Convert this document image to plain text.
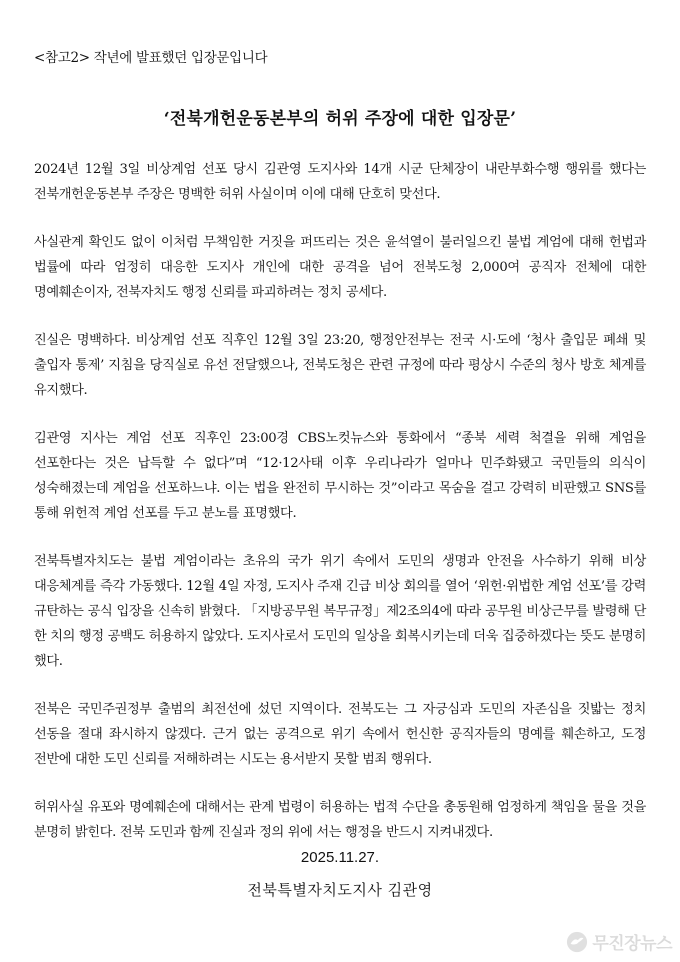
<참고2> 작년에 발표했던 입장문입니다
‘전북개헌운동본부의 허위 주장에 대한 입장문’

2024년 12월 3일 비상계엄 선포 당시 김관영 도지사와 14개 시군 단체장이 내란부화수행 행위를 했다는 전북개헌운동본부 주장은 명백한 허위 사실이며 이에 대해 단호히 맞선다.

사실관계 확인도 없이 이처럼 무책임한 거짓을 퍼뜨리는 것은 윤석열이 불러일으킨 불법 계엄에 대해 헌법과 법률에 따라 엄정히 대응한 도지사 개인에 대한 공격을 넘어 전북도청 2,000여 공직자 전체에 대한 명예훼손이자, 전북자치도 행정 신뢰를 파괴하려는 정치 공세다.

진실은 명백하다. 비상계엄 선포 직후인 12월 3일 23:20, 행정안전부는 전국 시·도에 ‘청사 출입문 폐쇄 및 출입자 통제’ 지침을 당직실로 유선 전달했으나, 전북도청은 관련 규정에 따라 평상시 수준의 청사 방호 체계를 유지했다.

김관영 지사는 계엄 선포 직후인 23:00경 CBS노컷뉴스와 통화에서 “종북 세력 척결을 위해 계엄을 선포한다는 것은 납득할 수 없다”며 “12·12사태 이후 우리나라가 얼마나 민주화됐고 국민들의 의식이 성숙해졌는데 계엄을 선포하느냐. 이는 법을 완전히 무시하는 것”이라고 목숨을 걸고 강력히 비판했고 SNS를 통해 위헌적 계엄 선포를 두고 분노를 표명했다.

전북특별자치도는 불법 계엄이라는 초유의 국가 위기 속에서 도민의 생명과 안전을 사수하기 위해 비상 대응체계를 즉각 가동했다. 12월 4일 자정, 도지사 주재 긴급 비상 회의를 열어 ‘위헌·위법한 계엄 선포’를 강력 규탄하는 공식 입장을 신속히 밝혔다. 「지방공무원 복무규정」제2조의4에 따라 공무원 비상근무를 발령해 단 한 치의 행정 공백도 허용하지 않았다. 도지사로서 도민의 일상을 회복시키는데 더욱 집중하겠다는 뜻도 분명히 했다.

전북은 국민주권정부 출범의 최전선에 섰던 지역이다. 전북도는 그 자긍심과 도민의 자존심을 짓밟는 정치 선동을 절대 좌시하지 않겠다. 근거 없는 공격으로 위기 속에서 헌신한 공직자들의 명예를 훼손하고, 도정 전반에 대한 도민 신뢰를 저해하려는 시도는 용서받지 못할 범죄 행위다.

허위사실 유포와 명예훼손에 대해서는 관계 법령이 허용하는 법적 수단을 총동원해 엄정하게 책임을 물을 것을 분명히 밝힌다. 전북 도민과 함께 진실과 정의 위에 서는 행정을 반드시 지켜내겠다.

2025.11.27.
전북특별자치도지사 김관영
무진장뉴스
